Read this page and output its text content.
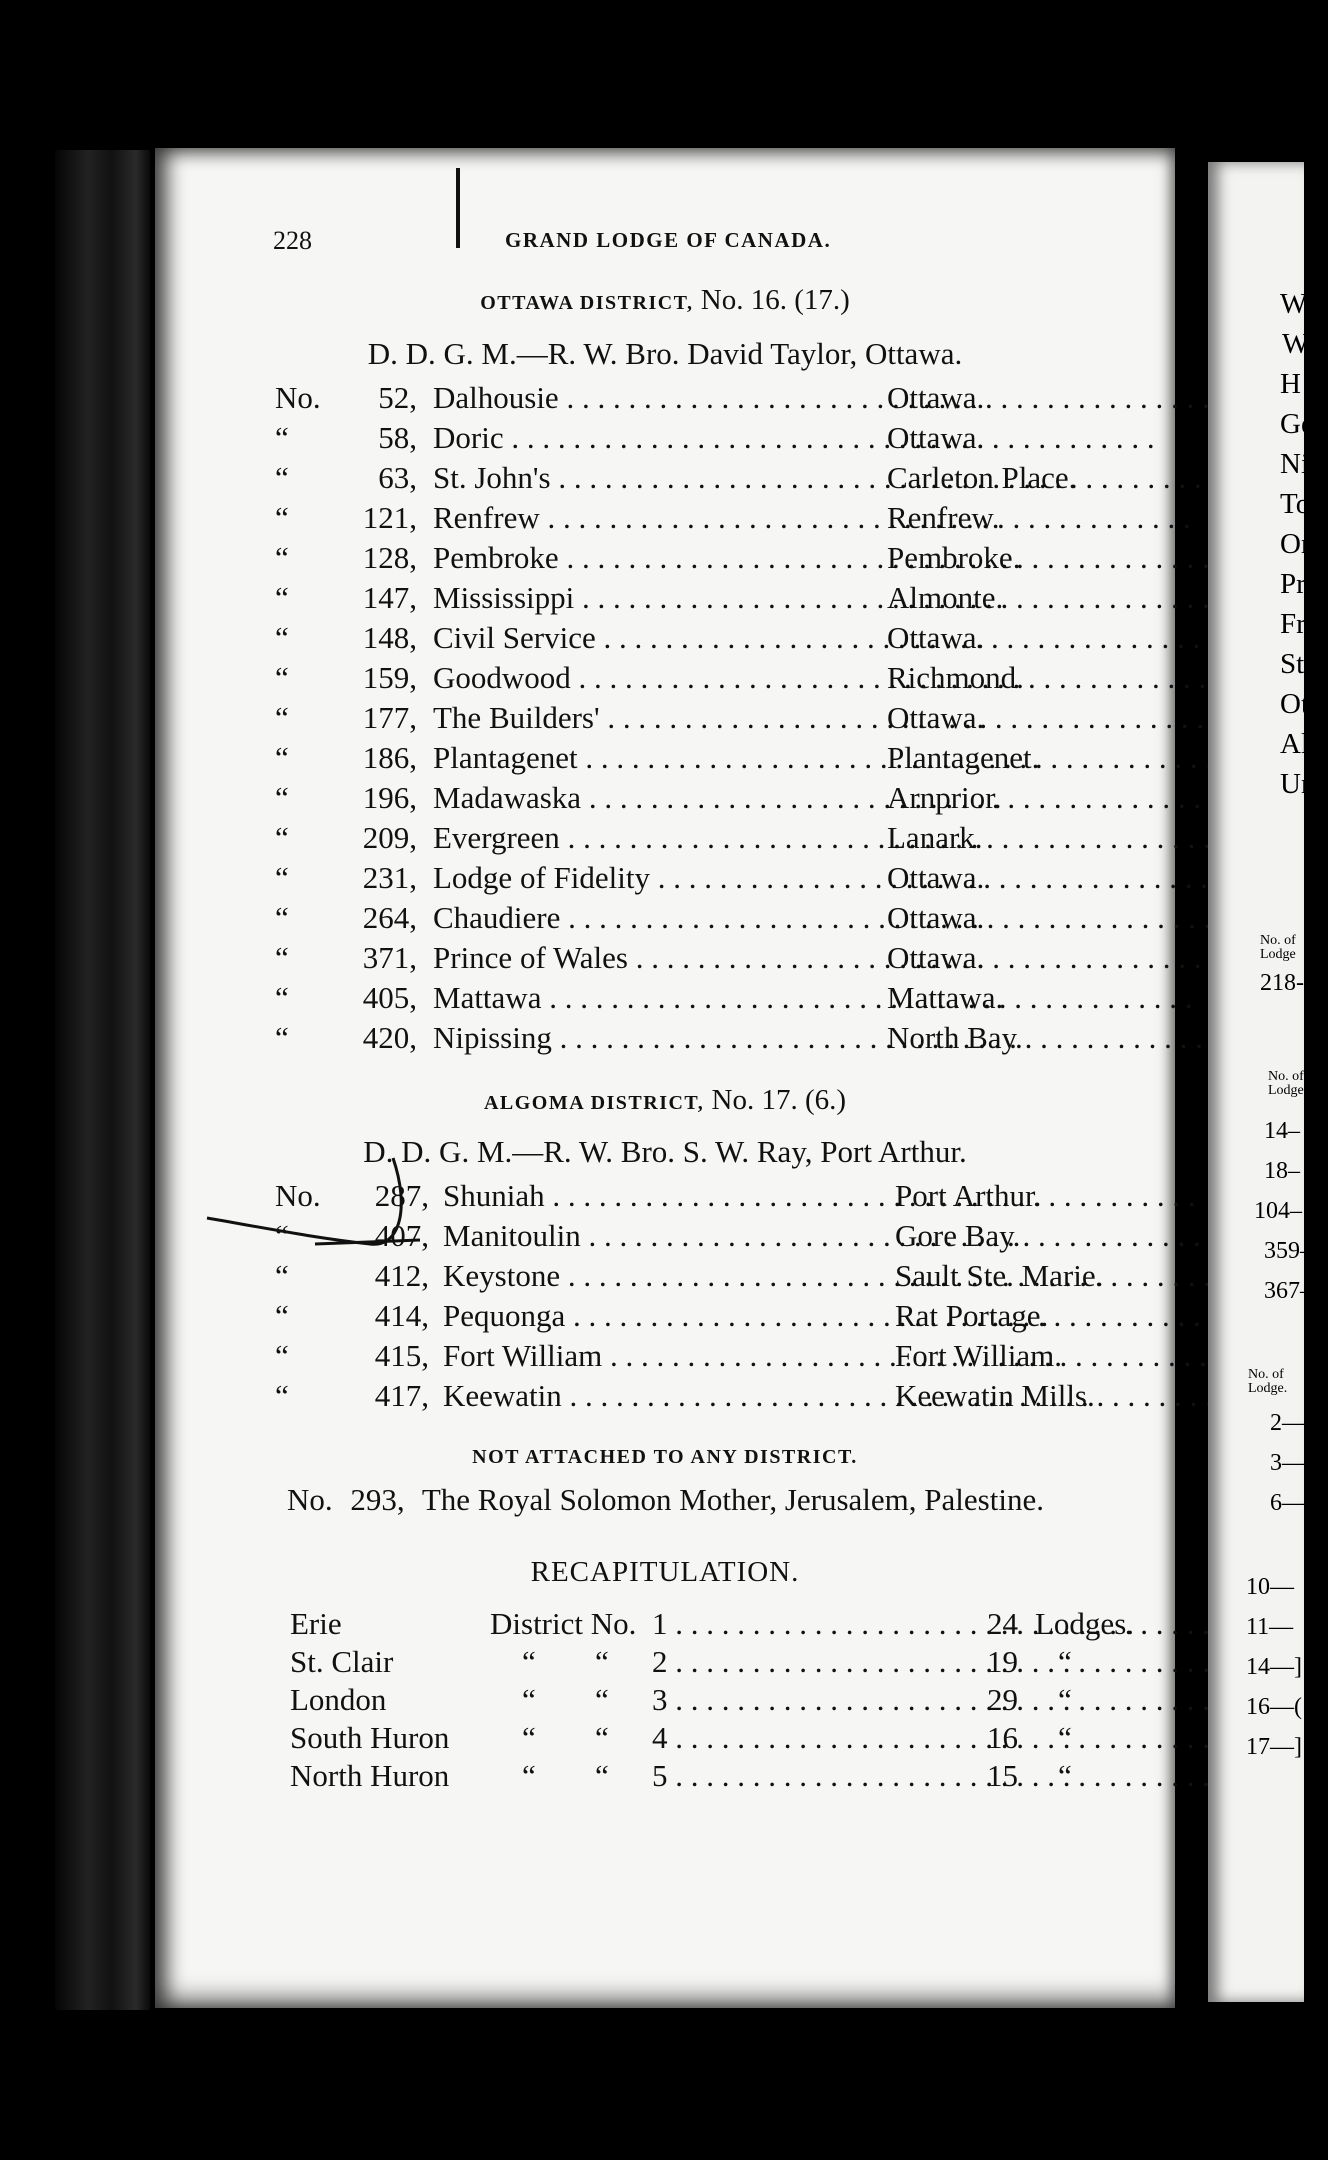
228	GRAND LODGE OF CANADA.
OTTAWA DISTRICT, No. 16. (17.)
D. D. G. M.—R. W. Bro. David Taylor, Ottawa.
No.	52, Dalhousie . . .	Ottawa.
“	58, Doric . . .	Ottawa.
“	63, St. John's . . .	Carleton Place.
“	121, Renfrew . . .	Renfrew.
“	128, Pembroke . . .	Pembroke.
“	147, Mississippi . . .	Almonte.
“	148, Civil Service . . .	Ottawa.
“	159, Goodwood . . .	Richmond.
“	177, The Builders' . . .	Ottawa.
“	186, Plantagenet . . .	Plantagenet.
“	196, Madawaska . . .	Arnprior.
“	209, Evergreen . . .	Lanark.
“	231, Lodge of Fidelity . . .	Ottawa.
“	264, Chaudiere . . .	Ottawa.
“	371, Prince of Wales . . .	Ottawa.
“	405, Mattawa . . .	Mattawa.
“	420, Nipissing . . .	North Bay.
ALGOMA DISTRICT, No. 17. (6.)
D. D. G. M.—R. W. Bro. S. W. Ray, Port Arthur.
No.	287, Shuniah . . .	Port Arthur.
“	407, Manitoulin . . .	Gore Bay.
“	412, Keystone . . .	Sault Ste. Marie.
“	414, Pequonga . . .	Rat Portage.
“	415, Fort William . . .	Fort William.
“	417, Keewatin . . .	Keewatin Mills.
NOT ATTACHED TO ANY DISTRICT.
No. 293, The Royal Solomon Mother, Jerusalem, Palestine.
RECAPITULATION.
Erie	District No. 1 . . .	24 Lodges.
St. Clair	“ “ 2 . . .	19 “
London	“ “ 3 . . .	29 “
South Huron “ “ 4 . . .	16 “
North Huron “ “ 5 . . .	15 “
W
W
H
Ge
Ni
To
Or
Pri
Fro
St.
Ott
Alg
Una
No. of
Lodge
218-
No. of
Lodge.
14–
18–
104–
359–
367–
No. of
Lodge.
2—
3—
6—
10—
11—
14—]
16—(
17—]
